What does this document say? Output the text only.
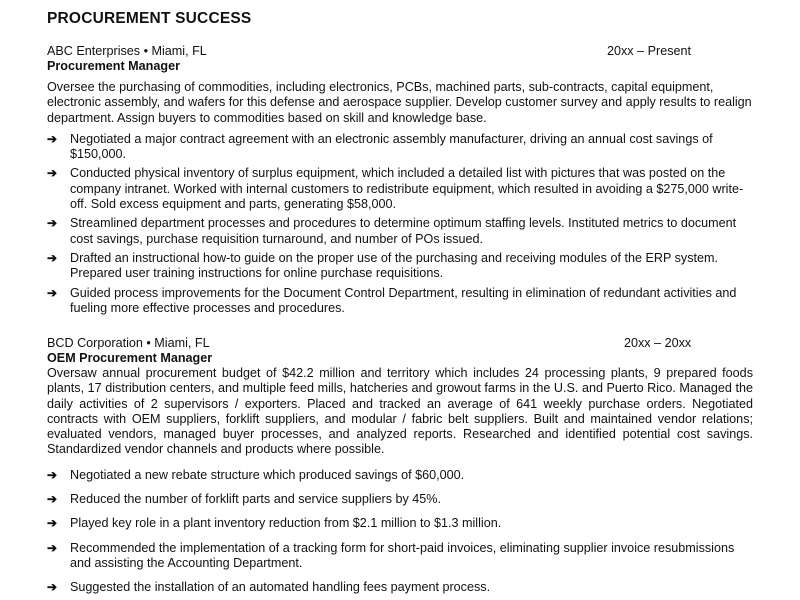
PROCUREMENT SUCCESS
ABC Enterprises • Miami, FL	20xx – Present
Procurement Manager

Oversee the purchasing of commodities, including electronics, PCBs, machined parts, sub-contracts, capital equipment, electronic assembly, and wafers for this defense and aerospace supplier. Develop customer survey and apply results to realign department. Assign buyers to commodities based on skill and knowledge base.

➔ Negotiated a major contract agreement with an electronic assembly manufacturer, driving an annual cost savings of $150,000.
➔ Conducted physical inventory of surplus equipment, which included a detailed list with pictures that was posted on the company intranet. Worked with internal customers to redistribute equipment, which resulted in avoiding a $275,000 write-off. Sold excess equipment and parts, generating $58,000.
➔ Streamlined department processes and procedures to determine optimum staffing levels. Instituted metrics to document cost savings, purchase requisition turnaround, and number of POs issued.
➔ Drafted an instructional how-to guide on the proper use of the purchasing and receiving modules of the ERP system. Prepared user training instructions for online purchase requisitions.
➔ Guided process improvements for the Document Control Department, resulting in elimination of redundant activities and fueling more effective processes and procedures.
BCD Corporation • Miami, FL	20xx – 20xx
OEM Procurement Manager

Oversaw annual procurement budget of $42.2 million and territory which includes 24 processing plants, 9 prepared foods plants, 17 distribution centers, and multiple feed mills, hatcheries and growout farms in the U.S. and Puerto Rico. Managed the daily activities of 2 supervisors / exporters. Placed and tracked an average of 641 weekly purchase orders. Negotiated contracts with OEM suppliers, forklift suppliers, and modular / fabric belt suppliers. Built and maintained vendor relations; evaluated vendors, managed buyer processes, and analyzed reports. Researched and identified potential cost savings. Standardized vendor channels and products where possible.

➔ Negotiated a new rebate structure which produced savings of $60,000.
➔ Reduced the number of forklift parts and service suppliers by 45%.
➔ Played key role in a plant inventory reduction from $2.1 million to $1.3 million.
➔ Recommended the implementation of a tracking form for short-paid invoices, eliminating supplier invoice resubmissions and assisting the Accounting Department.
➔ Suggested the installation of an automated handling fees payment process.
